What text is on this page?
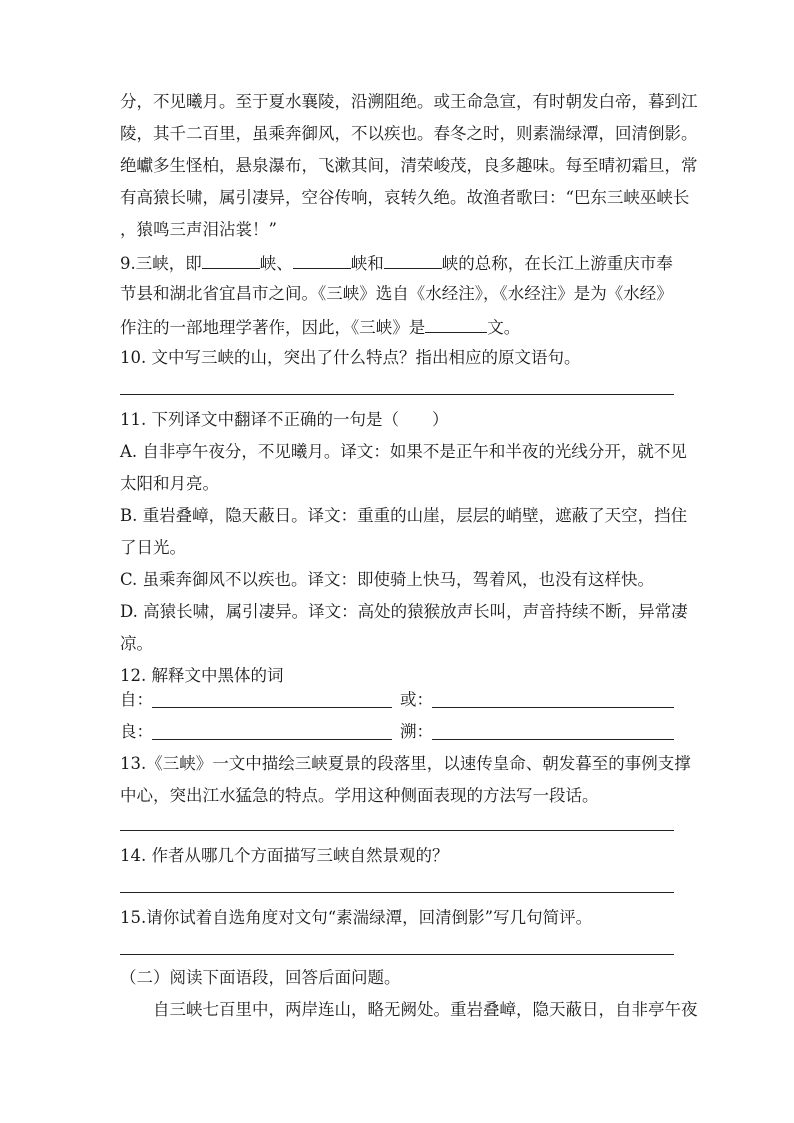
分，不见曦月。至于夏水襄陵，沿溯阻绝。或王命急宣，有时朝发白帝，暮到江
陵，其千二百里，虽乘奔御风，不以疾也。春冬之时，则素湍绿潭，回清倒影。
绝巘多生怪柏，悬泉瀑布，飞漱其间，清荣峻茂，良多趣味。每至晴初霜旦，常
有高猿长啸，属引凄异，空谷传响，哀转久绝。故渔者歌曰：“巴东三峡巫峡长
，猿鸣三声泪沾裳！”
9.三峡，即	峡、	峡和	峡的总称，在长江上游重庆市奉
节县和湖北省宜昌市之间。《三峡》选自《水经注》，《水经注》是为《水经》
作注的一部地理学著作，因此，《三峡》是	文。
10. 文中写三峡的山，突出了什么特点？指出相应的原文语句。
11. 下列译文中翻译不正确的一句是（　　）
A. 自非亭午夜分，不见曦月。译文：如果不是正午和半夜的光线分开，就不见
太阳和月亮。
B. 重岩叠嶂，隐天蔽日。译文：重重的山崖，层层的峭壁，遮蔽了天空，挡住
了日光。
C. 虽乘奔御风不以疾也。译文：即使骑上快马，驾着风，也没有这样快。
D. 高猿长啸，属引凄异。译文：高处的猿猴放声长叫，声音持续不断，异常凄
凉。
12. 解释文中黑体的词
自：	或：
良：	溯：
13.《三峡》一文中描绘三峡夏景的段落里，以速传皇命、朝发暮至的事例支撑
中心，突出江水猛急的特点。学用这种侧面表现的方法写一段话。
14. 作者从哪几个方面描写三峡自然景观的？
15.请你试着自选角度对文句“素湍绿潭，回清倒影”写几句简评。
（二）阅读下面语段，回答后面问题。
　　自三峡七百里中，两岸连山，略无阙处。重岩叠嶂，隐天蔽日，自非亭午夜
